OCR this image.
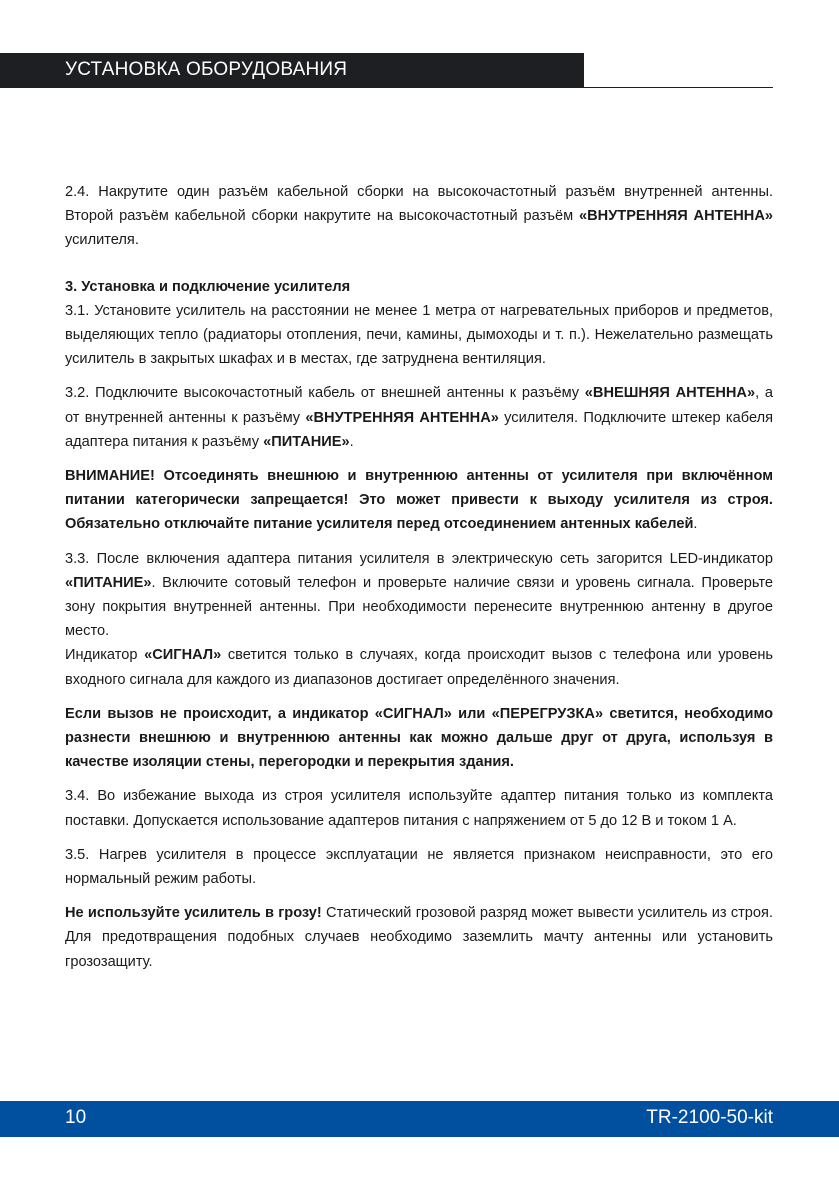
УСТАНОВКА ОБОРУДОВАНИЯ

2.4. Накрутите один разъём кабельной сборки на высокочастотный разъём внутренней антенны. Второй разъём кабельной сборки накрутите на высокочастотный разъём «ВНУТРЕННЯЯ АНТЕННА» усилителя.

3. Установка и подключение усилителя

3.1. Установите усилитель на расстоянии не менее 1 метра от нагревательных приборов и предметов, выделяющих тепло (радиаторы отопления, печи, камины, дымоходы и т. п.). Нежелательно размещать усилитель в закрытых шкафах и в местах, где затруднена вентиляция.

3.2. Подключите высокочастотный кабель от внешней антенны к разъёму «ВНЕШНЯЯ АНТЕННА», а от внутренней антенны к разъёму «ВНУТРЕННЯЯ АНТЕННА» усилителя. Подключите штекер кабеля адаптера питания к разъёму «ПИТАНИЕ».

ВНИМАНИЕ! Отсоединять внешнюю и внутреннюю антенны от усилителя при включённом питании категорически запрещается! Это может привести к выходу усилителя из строя. Обязательно отключайте питание усилителя перед отсоединением антенных кабелей.

3.3. После включения адаптера питания усилителя в электрическую сеть загорится LED-индикатор «ПИТАНИЕ». Включите сотовый телефон и проверьте наличие связи и уровень сигнала. Проверьте зону покрытия внутренней антенны. При необходимости перенесите внутреннюю антенну в другое место.

Индикатор «СИГНАЛ» светится только в случаях, когда происходит вызов с телефона или уровень входного сигнала для каждого из диапазонов достигает определённого значения.

Если вызов не происходит, а индикатор «СИГНАЛ» или «ПЕРЕГРУЗКА» светится, необходимо разнести внешнюю и внутреннюю антенны как можно дальше друг от друга, используя в качестве изоляции стены, перегородки и перекрытия здания.

3.4. Во избежание выхода из строя усилителя используйте адаптер питания только из комплекта поставки. Допускается использование адаптеров питания с напряжением от 5 до 12 В и током 1 А.

3.5. Нагрев усилителя в процессе эксплуатации не является признаком неисправности, это его нормальный режим работы.

Не используйте усилитель в грозу! Статический грозовой разряд может вывести усилитель из строя. Для предотвращения подобных случаев необходимо заземлить мачту антенны или установить грозозащиту.

10	TR-2100-50-kit
